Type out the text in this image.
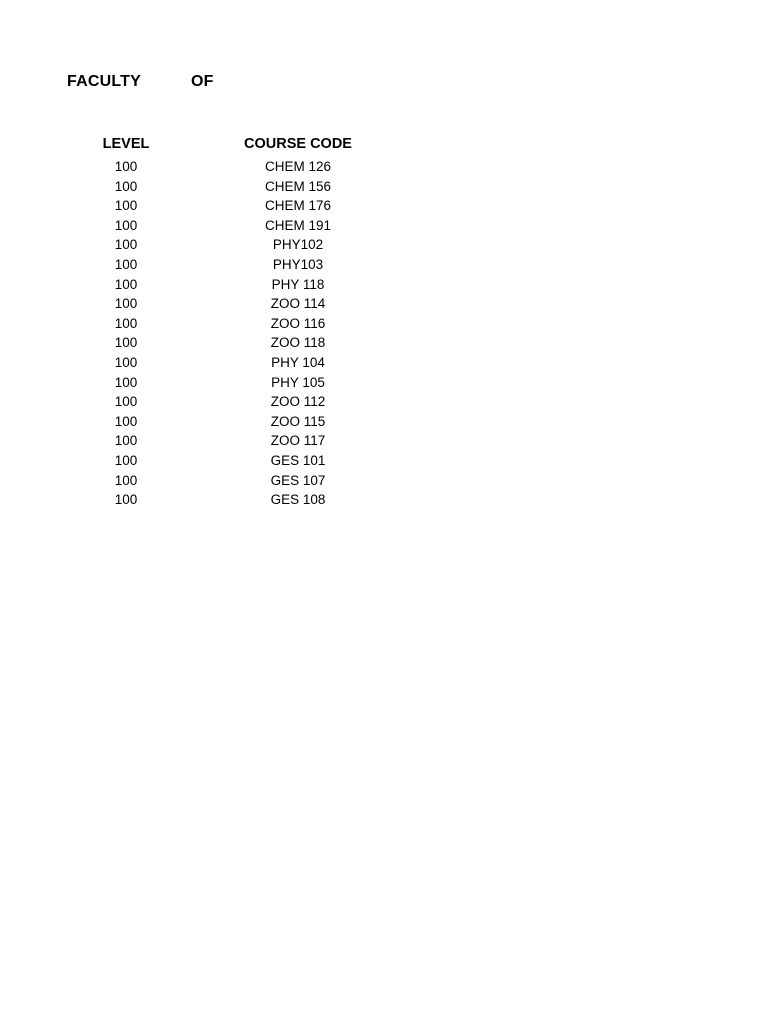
FACULTY	OF
LEVEL	COURSE CODE
100	CHEM 126
100	CHEM 156
100	CHEM 176
100	CHEM 191
100	PHY102
100	PHY103
100	PHY 118
100	ZOO 114
100	ZOO 116
100	ZOO 118
100	PHY 104
100	PHY 105
100	ZOO 112
100	ZOO 115
100	ZOO 117
100	GES 101
100	GES 107
100	GES 108
